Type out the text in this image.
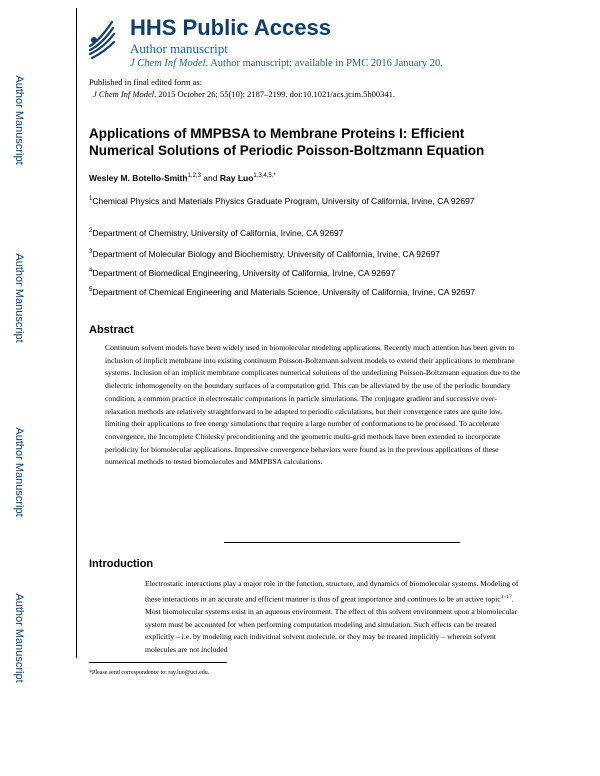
Author Manuscript
Author Manuscript
Author Manuscript
Author Manuscript
HHS Public Access
Author manuscript
J Chem Inf Model. Author manuscript; available in PMC 2016 January 20.
Published in final edited form as:
J Chem Inf Model. 2015 October 26; 55(10): 2187–2199. doi:10.1021/acs.jcim.5b00341.
Applications of MMPBSA to Membrane Proteins I: Efficient Numerical Solutions of Periodic Poisson-Boltzmann Equation
Wesley M. Botello-Smith$^{1,2,3}$ and Ray Luo$^{1,3,4,5,*}$
$^1$Chemical Physics and Materials Physics Graduate Program, University of California, Irvine, CA 92697
$^2$Department of Chemistry, University of California, Irvine, CA 92697
$^3$Department of Molecular Biology and Biochemistry, University of California, Irvine, CA 92697
$^4$Department of Biomedical Engineering, University of California, Irvine, CA 92697
$^5$Department of Chemical Engineering and Materials Science, University of California, Irvine, CA 92697
Abstract
Continuum solvent models have been widely used in biomolecular modeling applications. Recently much attention has been given to inclusion of implicit membrane into existing continuum Poisson-Boltzmann solvent models to extend their applications to membrane systems. Inclusion of an implicit membrane complicates numerical solutions of the underlining Poisson-Boltzmann equation due to the dielectric inhomogeneity on the boundary surfaces of a computation grid. This can be alleviated by the use of the periodic boundary condition, a common practice in electrostatic computations in particle simulations. The conjugate gradient and successive over-relaxation methods are relatively straightforward to be adapted to periodic calculations, but their convergence rates are quite low, limiting their applications to free energy simulations that require a large number of conformations to be processed. To accelerate convergence, the Incomplete Cholesky preconditioning and the geometric multi-grid methods have been extended to incorporate periodicity for biomolecular applications. Impressive convergence behaviors were found as in the previous applications of these numerical methods to tested biomolecules and MMPBSA calculations.
Introduction
Electrostatic interactions play a major role in the function, structure, and dynamics of biomolecular systems. Modeling of these interactions in an accurate and efficient manner is thus of great importance and continues to be an active topic$^{1-17}$. Most biomolecular systems exist in an aqueous environment. The effect of this solvent environment upon a biomolecular system must be accounted for when performing computation modeling and simulation. Such effects can be treated explicitly – i.e. by modeling each individual solvent molecule, or they may be treated implicitly – wherein solvent molecules are not included
*Please send correspondence to: ray.luo@uci.edu.
